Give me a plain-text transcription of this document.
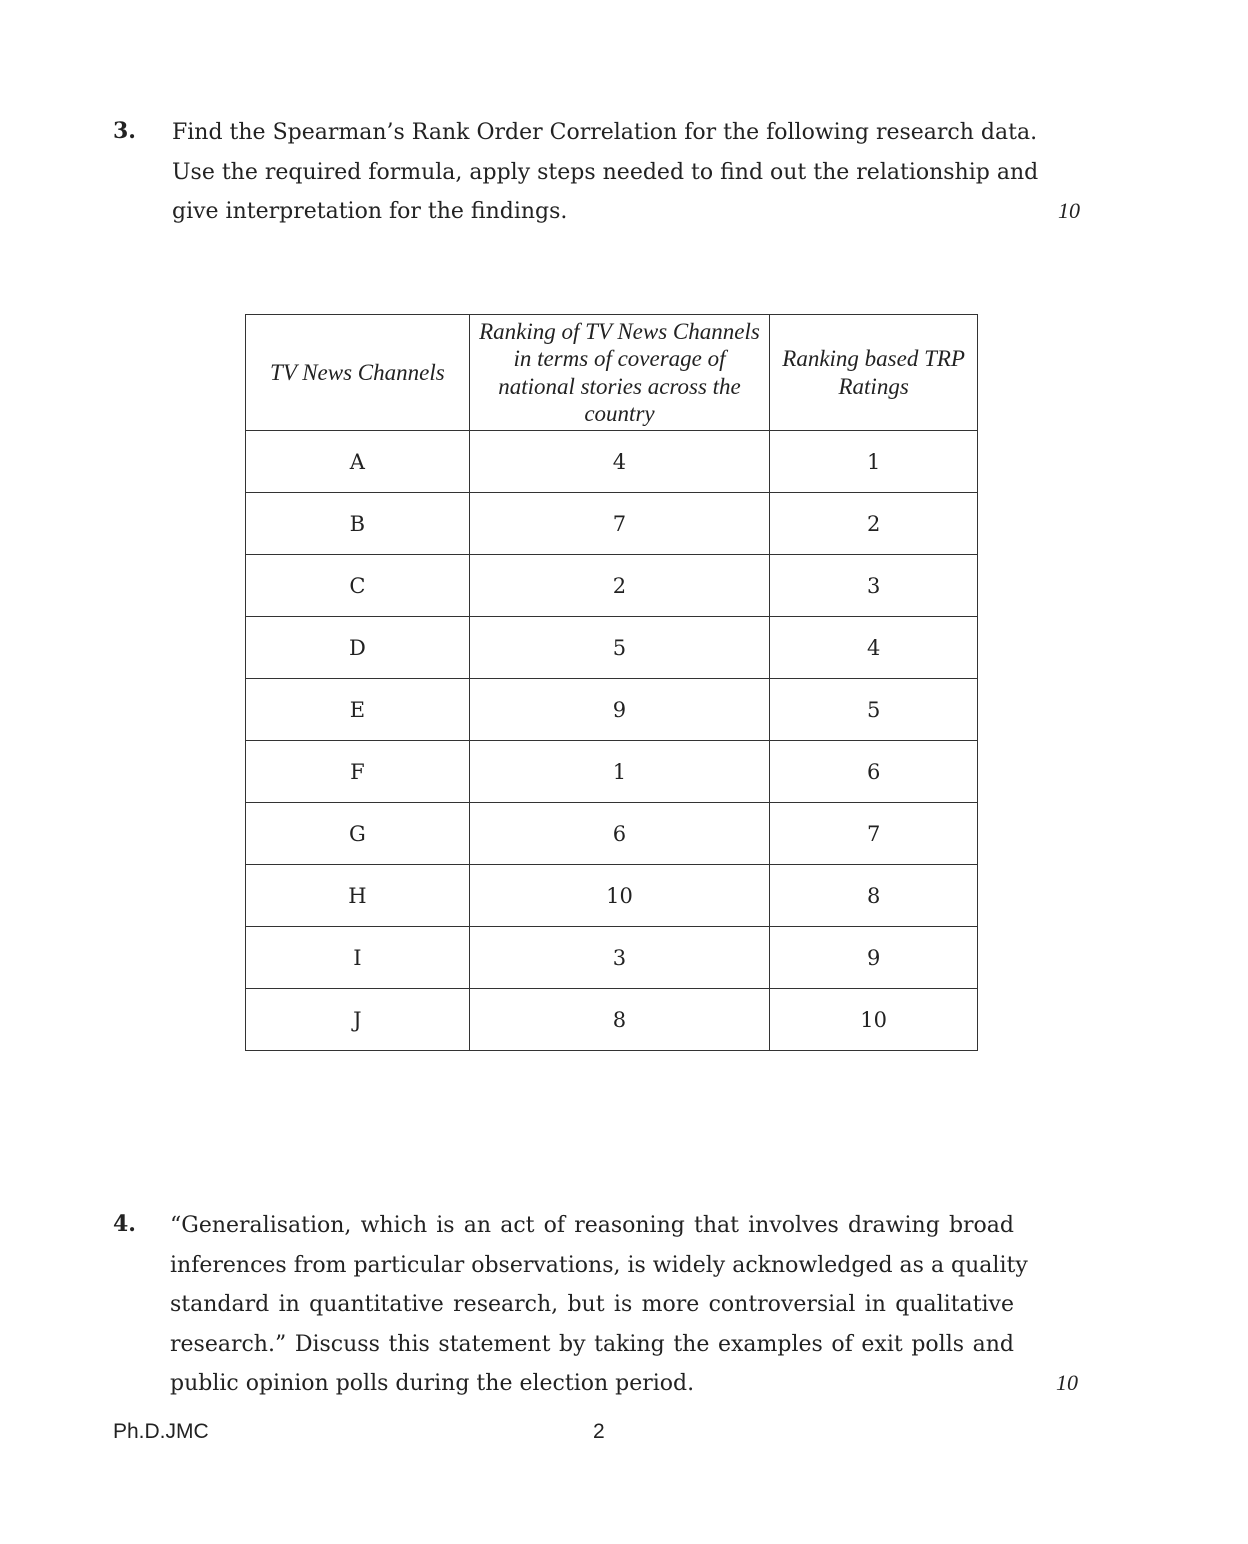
3. Find the Spearman’s Rank Order Correlation for the following research data.
Use the required formula, apply steps needed to find out the relationship and
give interpretation for the findings.	10
TV News Channels	Ranking of TV News Channels in terms of coverage of national stories across the country	Ranking based TRP Ratings
A	4	1
B	7	2
C	2	3
D	5	4
E	9	5
F	1	6
G	6	7
H	10	8
I	3	9
J	8	10
4. “Generalisation, which is an act of reasoning that involves drawing broad
inferences from particular observations, is widely acknowledged as a quality
standard in quantitative research, but is more controversial in qualitative
research.” Discuss this statement by taking the examples of exit polls and
public opinion polls during the election period.	10
Ph.D.JMC	2
